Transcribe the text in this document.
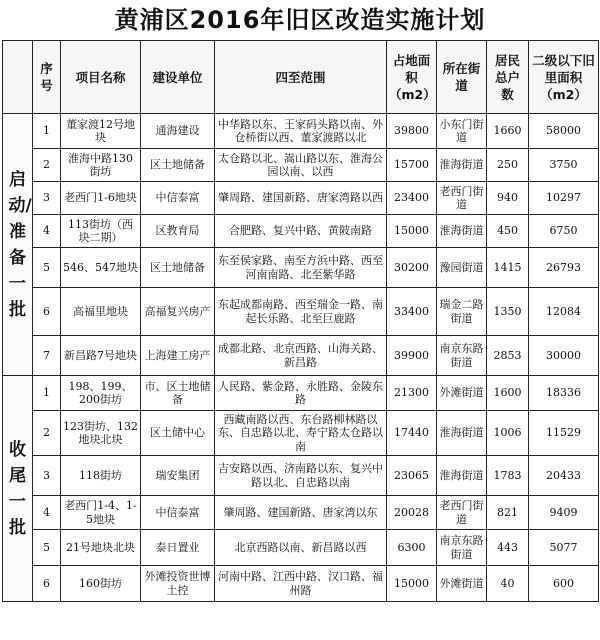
黄浦区2016年旧区改造实施计划
	序号	项目名称	建设单位	四至范围	占地面积（m2）	所在街道	居民总户数	二级以下旧里面积（m2）
启动/准备一批	1	董家渡12号地块	通海建设	中华路以东、王家码头路以南、外仓桥街以西、董家渡路以北	39800	小东门街道	1660	58000
	2	淮海中路130街坊	区土地储备	太仓路以北、嵩山路以东、淮海公园以南、以西	15700	淮海街道	250	3750
	3	老西门1-6地块	中信泰富	肇周路、建国新路、唐家湾路以西	23400	老西门街道	940	10297
	4	113街坊（西块二期）	区教育局	合肥路、复兴中路、黄陂南路	15000	淮海街道	450	6750
	5	546、547地块	区土地储备	东至侯家路、南至方浜中路、西至河南南路、北至紫华路	30200	豫园街道	1415	26793
	6	高福里地块	高福复兴房产	东起成都南路、西至瑞金一路、南起长乐路、北至巨鹿路	33400	瑞金二路街道	1350	12084
	7	新昌路7号地块	上海建工房产	成都北路、北京西路、山海关路、新昌路	39900	南京东路街道	2853	30000
收尾一批	1	198、199、200街坊	市、区土地储备	人民路、紫金路、永胜路、金陵东路	21300	外滩街道	1600	18336
	2	123街坊、132地块北块	区土储中心	西藏南路以西、东台路柳林路以东、自忠路以北、寿宁路太仓路以南	17440	淮海街道	1006	11529
	3	118街坊	瑞安集团	吉安路以西、济南路以东、复兴中路以北、自忠路以南	23065	淮海街道	1783	20433
	4	老西门1-4、1-5地块	中信泰富	肇周路、建国新路、唐家湾以东	20028	老西门街道	821	9409
	5	21号地块北块	泰日置业	北京西路以南、新昌路以西	6300	南京东路街道	443	5077
	6	160街坊	外滩投资世博土控	河南中路、江西中路、汉口路、福州路	15000	外滩街道	40	600
